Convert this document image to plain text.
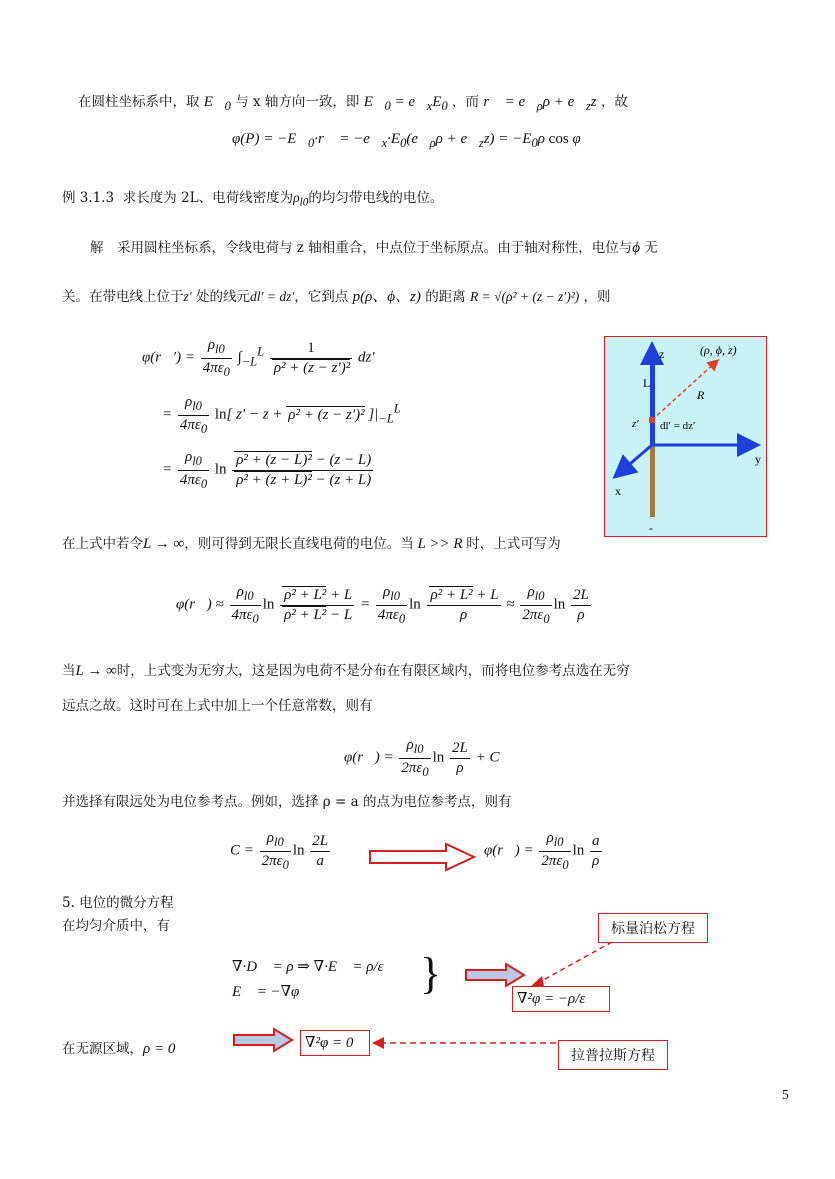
在圆柱坐标系中，取 $E⃗_0$ 与 x 轴方向一致，即 $E⃗_0$ = $e⃗_xE_0$ ，而 r⃗ = $e⃗_\rho\rho$ + $e⃗_zz$ ，故
$\varphi(P) = -E⃗_0\cdot r⃗$ = $-e⃗_x\cdot E_0(e⃗_\rho\rho$ + $e⃗_zz) = -E_0\rho$ cos φ
例 3.1.3 求长度为 2L、电荷线密度为$\rho_{l0}$的均匀带电线的电位。
解　采用圆柱坐标系，令线电荷与 z 轴相重合，中点位于坐标原点。由于轴对称性，电位与ϕ 无
关。在带电线上位于z′ 处的线元dl′ = dz′，它到点 p(ρ、ϕ、z) 的距离 R = √(ρ² + (z − z′)²) ，则
φ(r⃗′) = $\frac{\rho_{l0}}{4\pi\varepsilon_0} \int_{-L}^L \frac{1}{\text{ρ² + (z − z′)²}} dz'$
= $\frac{\rho_{l0}}{4\pi\varepsilon_0} \ln$[ z′ − z + ρ² + (z − z′)² ]$|_{-L}^L$
= $\frac{\rho_{l0}}{4\pi\varepsilon_0}$ $\ln \frac{\text{ρ² + (z − L)² − (z − L)}}{\text{ρ² + (z + L)² − (z + L)}}$
z	(ρ, ϕ, z)
L
R
z′ dl′ = dz′
y
x
-
在上式中若令L → ∞，则可得到无限长直线电荷的电位。当 L >> R 时，上式可写为
φ(r⃗) ≈ $\frac{\rho_{l0}}{4\pi\varepsilon_0}$ $\ln \frac{\text{ρ² + L² + L}}{\text{ρ² + L² − L}} = \frac{\rho_{l0}}{4\pi\varepsilon_0}$ $\ln \frac{\text{ρ² + L² + L}}{\rho} \approx \frac{\rho_{l0}}{2\pi\varepsilon_0}$ $\ln \frac{2L}{\rho}$
当L → ∞时，上式变为无穷大，这是因为电荷不是分布在有限区域内，而将电位参考点选在无穷
远点之故。这时可在上式中加上一个任意常数，则有
φ(r⃗) = $\frac{\rho_{l0}}{2\pi\varepsilon_0}$ $\ln \frac{2L}{\rho} + C$
并选择有限远处为电位参考点。例如，选择 ρ = a 的点为电位参考点，则有
$C = \frac{\rho_{l0}}{2\pi\varepsilon_0}$ $\ln \frac{2L}{a}$	φ(r⃗) = $\frac{\rho_{l0}}{2\pi\varepsilon_0}$ $\ln \frac{a}{\rho}$
5. 电位的微分方程
在均匀介质中，有	标量泊松方程
∇·D⃗ = ρ ⇒ ∇·E⃗ = ρ/ε
E⃗ = −∇φ	}
∇²φ = −ρ/ε
在无源区域，ρ = 0	∇²φ = 0
拉普拉斯方程
5
